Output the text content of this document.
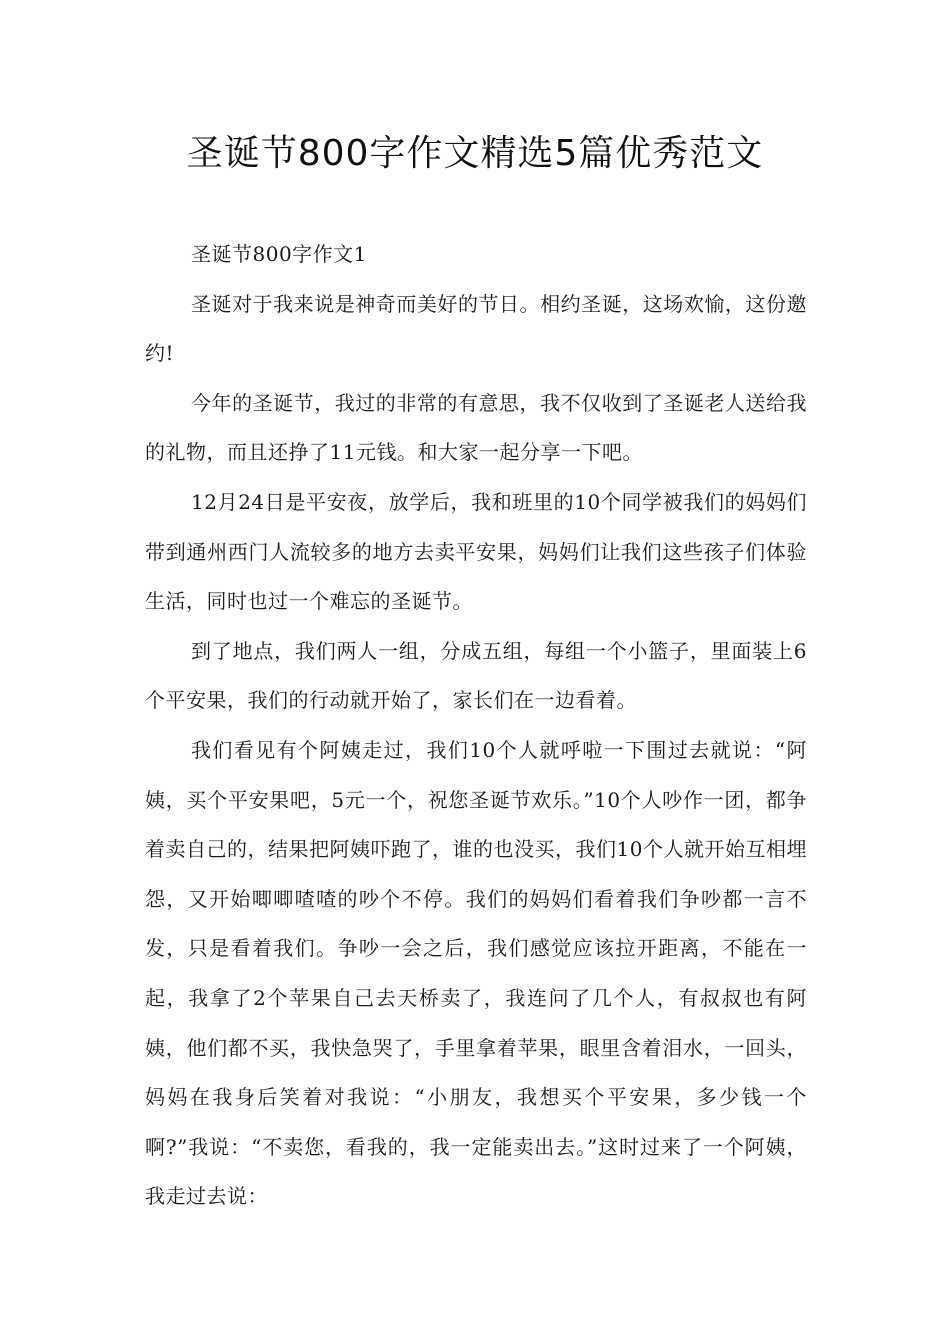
圣诞节800字作文精选5篇优秀范文

圣诞节800字作文1

圣诞对于我来说是神奇而美好的节日。相约圣诞，这场欢愉，这份邀约!

今年的圣诞节，我过的非常的有意思，我不仅收到了圣诞老人送给我的礼物，而且还挣了11元钱。和大家一起分享一下吧。

12月24日是平安夜，放学后，我和班里的10个同学被我们的妈妈们带到通州西门人流较多的地方去卖平安果，妈妈们让我们这些孩子们体验生活，同时也过一个难忘的圣诞节。

到了地点，我们两人一组，分成五组，每组一个小篮子，里面装上6个平安果，我们的行动就开始了，家长们在一边看着。

我们看见有个阿姨走过，我们10个人就呼啦一下围过去就说：“阿姨，买个平安果吧，5元一个，祝您圣诞节欢乐。”10个人吵作一团，都争着卖自己的，结果把阿姨吓跑了，谁的也没买，我们10个人就开始互相埋怨，又开始唧唧喳喳的吵个不停。我们的妈妈们看着我们争吵都一言不发，只是看着我们。争吵一会之后，我们感觉应该拉开距离，不能在一起，我拿了2个苹果自己去天桥卖了，我连问了几个人，有叔叔也有阿姨，他们都不买，我快急哭了，手里拿着苹果，眼里含着泪水，一回头，妈妈在我身后笑着对我说：“小朋友，我想买个平安果，多少钱一个啊?”我说：“不卖您，看我的，我一定能卖出去。”这时过来了一个阿姨，我走过去说：
